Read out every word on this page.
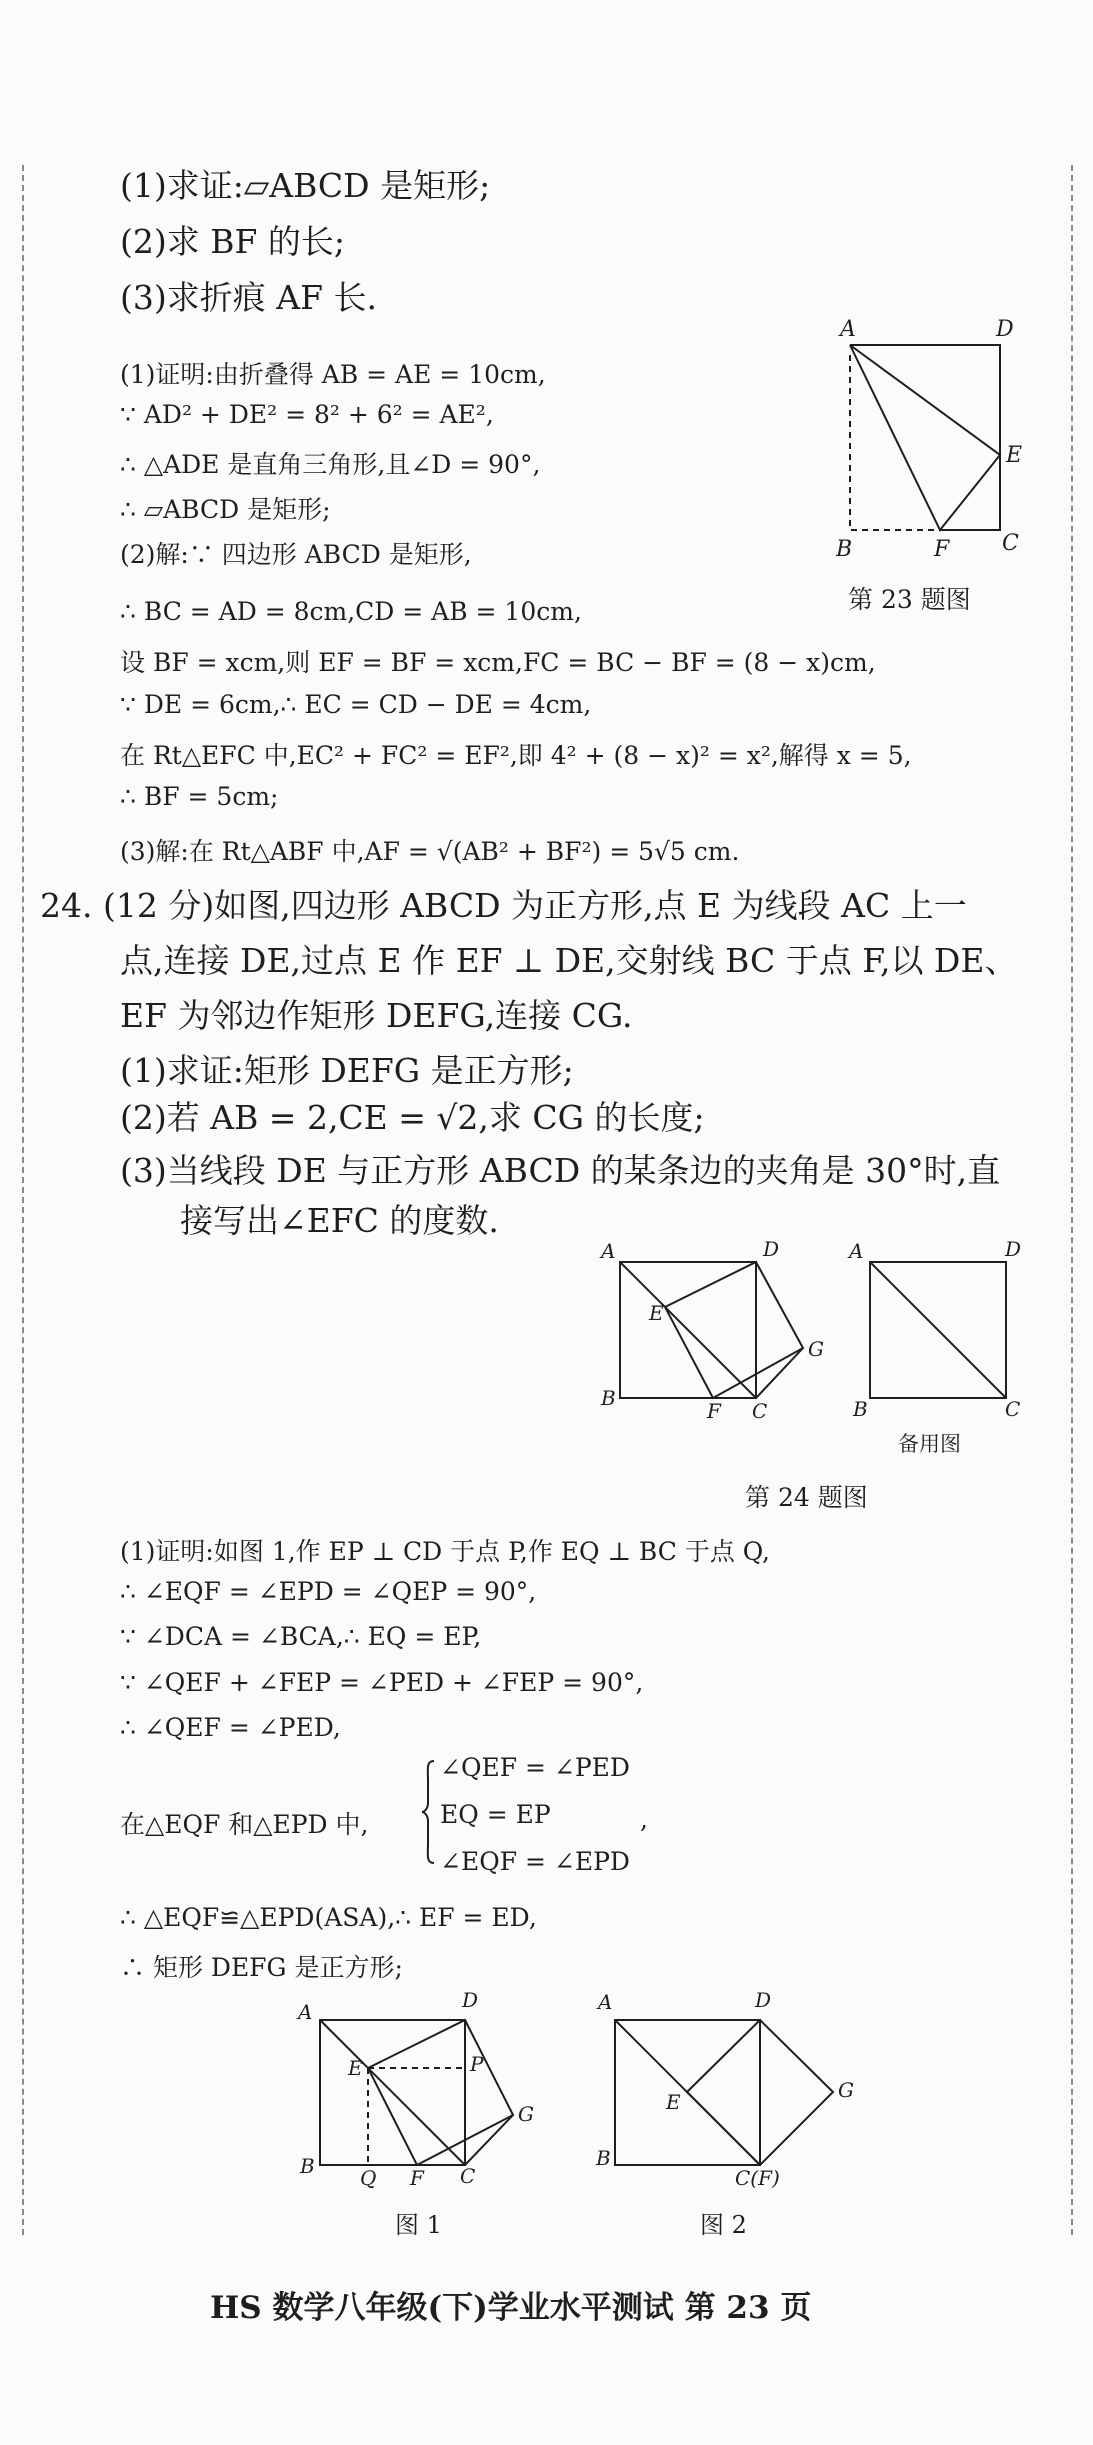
(1)求证:▱ABCD 是矩形;
(2)求 BF 的长;
(3)求折痕 AF 长.
A	D
E
B	F C
第 23 题图
(1)证明:由折叠得 AB = AE = 10cm,
∵ AD² + DE² = 8² + 6² = AE²,
∴ △ADE 是直角三角形,且∠D = 90°,
∴ ▱ABCD 是矩形;
(2)解:∵ 四边形 ABCD 是矩形,
∴ BC = AD = 8cm,CD = AB = 10cm,
设 BF = xcm,则 EF = BF = xcm,FC = BC − BF = (8 − x)cm,
∵ DE = 6cm,∴ EC = CD − DE = 4cm,
在 Rt△EFC 中,EC² + FC² = EF²,即 4² + (8 − x)² = x²,解得 x = 5,
∴ BF = 5cm;
(3)解:在 Rt△ABF 中,AF = √(AB² + BF²) = 5√5 cm.
24. (12 分)如图,四边形 ABCD 为正方形,点 E 为线段 AC 上一
点,连接 DE,过点 E 作 EF ⊥ DE,交射线 BC 于点 F,以 DE、
EF 为邻边作矩形 DEFG,连接 CG.
(1)求证:矩形 DEFG 是正方形;
(2)若 AB = 2,CE = √2,求 CG 的长度;
(3)当线段 DE 与正方形 ABCD 的某条边的夹角是 30°时,直
接写出∠EFC 的度数.
A	D
E
G
B
F C
A	D
B	C
备用图
第 24 题图
(1)证明:如图 1,作 EP ⊥ CD 于点 P,作 EQ ⊥ BC 于点 Q,
∴ ∠EQF = ∠EPD = ∠QEP = 90°,
∵ ∠DCA = ∠BCA,∴ EQ = EP,
∵ ∠QEF + ∠FEP = ∠PED + ∠FEP = 90°,
∴ ∠QEF = ∠PED,
在△EQF 和△EPD 中,
∠QEF = ∠PED
EQ = EP
∠EQF = ∠EPD
,
∴ △EQF≌△EPD(ASA),∴ EF = ED,
∴ 矩形 DEFG 是正方形;
A	D
E	P
G
B Q F C
图 1
A	D
E	G
B
C(F)
图 2
HS 数学八年级(下)学业水平测试 第 23 页
